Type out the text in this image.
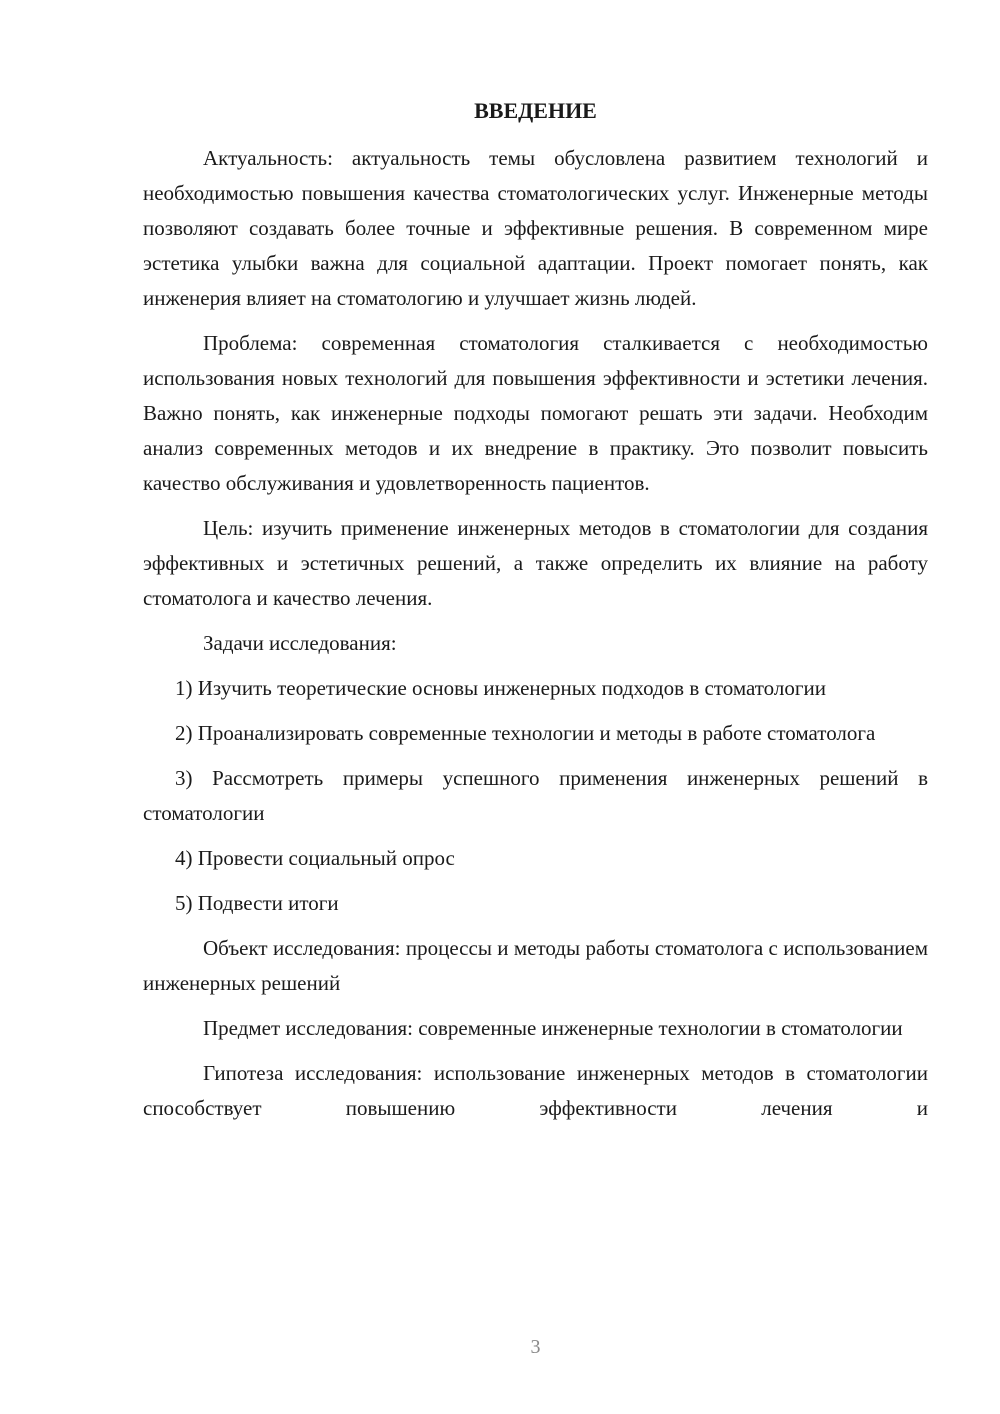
ВВЕДЕНИЕ

Актуальность: актуальность темы обусловлена развитием технологий и необходимостью повышения качества стоматологических услуг. Инженерные методы позволяют создавать более точные и эффективные решения. В современном мире эстетика улыбки важна для социальной адаптации. Проект помогает понять, как инженерия влияет на стоматологию и улучшает жизнь людей.

Проблема: современная стоматология сталкивается с необходимостью использования новых технологий для повышения эффективности и эстетики лечения. Важно понять, как инженерные подходы помогают решать эти задачи. Необходим анализ современных методов и их внедрение в практику. Это позволит повысить качество обслуживания и удовлетворенность пациентов.

Цель: изучить применение инженерных методов в стоматологии для создания эффективных и эстетичных решений, а также определить их влияние на работу стоматолога и качество лечения.

Задачи исследования:

1) Изучить теоретические основы инженерных подходов в стоматологии

2) Проанализировать современные технологии и методы в работе стоматолога

3) Рассмотреть примеры успешного применения инженерных решений в стоматологии

4) Провести социальный опрос

5) Подвести итоги

Объект исследования: процессы и методы работы стоматолога с использованием инженерных решений

Предмет исследования: современные инженерные технологии в стоматологии

Гипотеза исследования: использование инженерных методов в стоматологии способствует повышению эффективности лечения и

3
